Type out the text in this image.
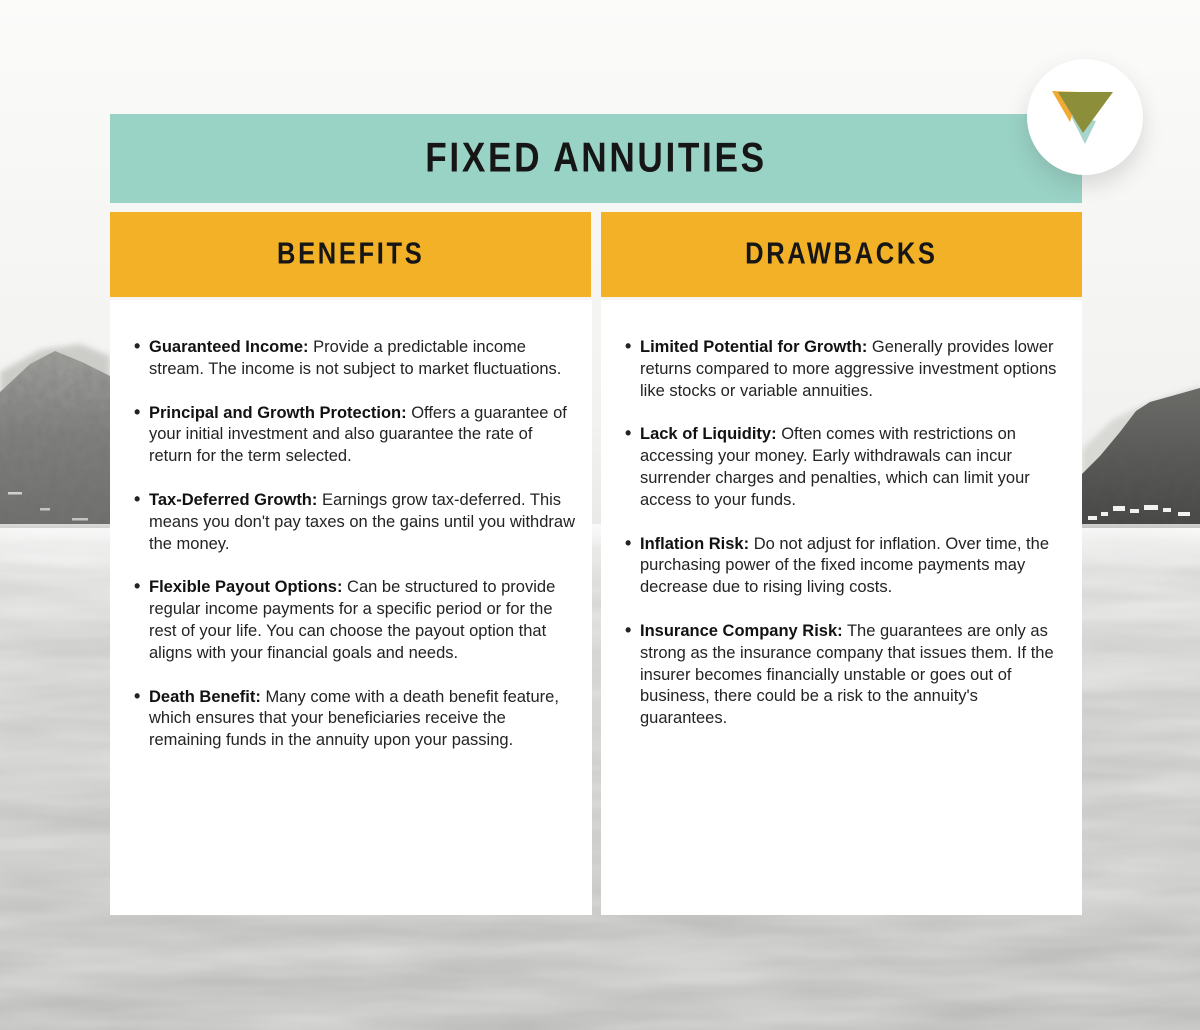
FIXED ANNUITIES
BENEFITS	DRAWBACKS
• Guaranteed Income: Provide a predictable income stream. The income is not subject to market fluctuations.
• Principal and Growth Protection: Offers a guarantee of your initial investment and also guarantee the rate of return for the term selected.
• Tax-Deferred Growth: Earnings grow tax-deferred. This means you don't pay taxes on the gains until you withdraw the money.
• Flexible Payout Options: Can be structured to provide regular income payments for a specific period or for the rest of your life. You can choose the payout option that aligns with your financial goals and needs.
• Death Benefit: Many come with a death benefit feature, which ensures that your beneficiaries receive the remaining funds in the annuity upon your passing.
• Limited Potential for Growth: Generally provides lower returns compared to more aggressive investment options like stocks or variable annuities.
• Lack of Liquidity: Often comes with restrictions on accessing your money. Early withdrawals can incur surrender charges and penalties, which can limit your access to your funds.
• Inflation Risk: Do not adjust for inflation. Over time, the purchasing power of the fixed income payments may decrease due to rising living costs.
• Insurance Company Risk: The guarantees are only as strong as the insurance company that issues them. If the insurer becomes financially unstable or goes out of business, there could be a risk to the annuity's guarantees.
